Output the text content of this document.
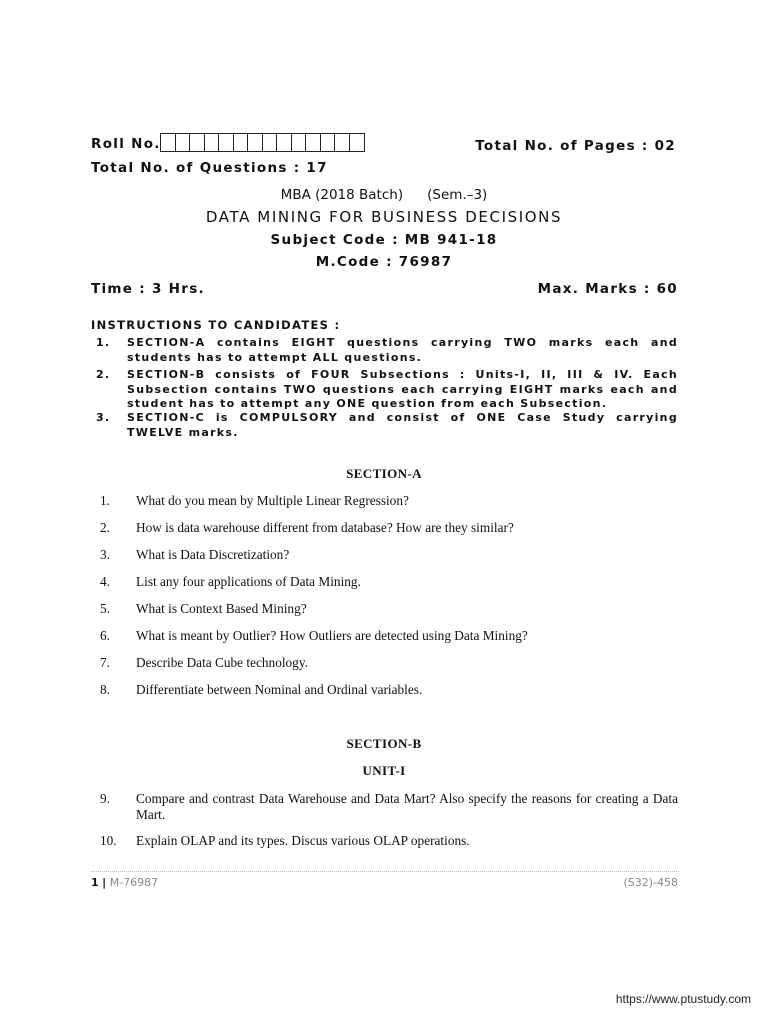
Roll No.	Total No. of Pages : 02
Total No. of Questions : 17
MBA (2018 Batch) (Sem.–3)
DATA MINING FOR BUSINESS DECISIONS
Subject Code : MB 941-18
M.Code : 76987
Time : 3 Hrs.	Max. Marks : 60
INSTRUCTIONS TO CANDIDATES :
1.	SECTION-A contains EIGHT questions carrying TWO marks each and students has to attempt ALL questions.
2.	SECTION-B consists of FOUR Subsections : Units-I, II, III & IV. Each Subsection contains TWO questions each carrying EIGHT marks each and student has to attempt any ONE question from each Subsection.
3.	SECTION-C is COMPULSORY and consist of ONE Case Study carrying TWELVE marks.
SECTION-A
1. What do you mean by Multiple Linear Regression?
2. How is data warehouse different from database? How are they similar?
3. What is Data Discretization?
4. List any four applications of Data Mining.
5. What is Context Based Mining?
6. What is meant by Outlier? How Outliers are detected using Data Mining?
7. Describe Data Cube technology.
8. Differentiate between Nominal and Ordinal variables.
SECTION-B
UNIT-I
9. Compare and contrast Data Warehouse and Data Mart? Also specify the reasons for creating a Data Mart.
10. Explain OLAP and its types. Discus various OLAP operations.
1 | M-76987	(S32)-458
https://www.ptustudy.com
